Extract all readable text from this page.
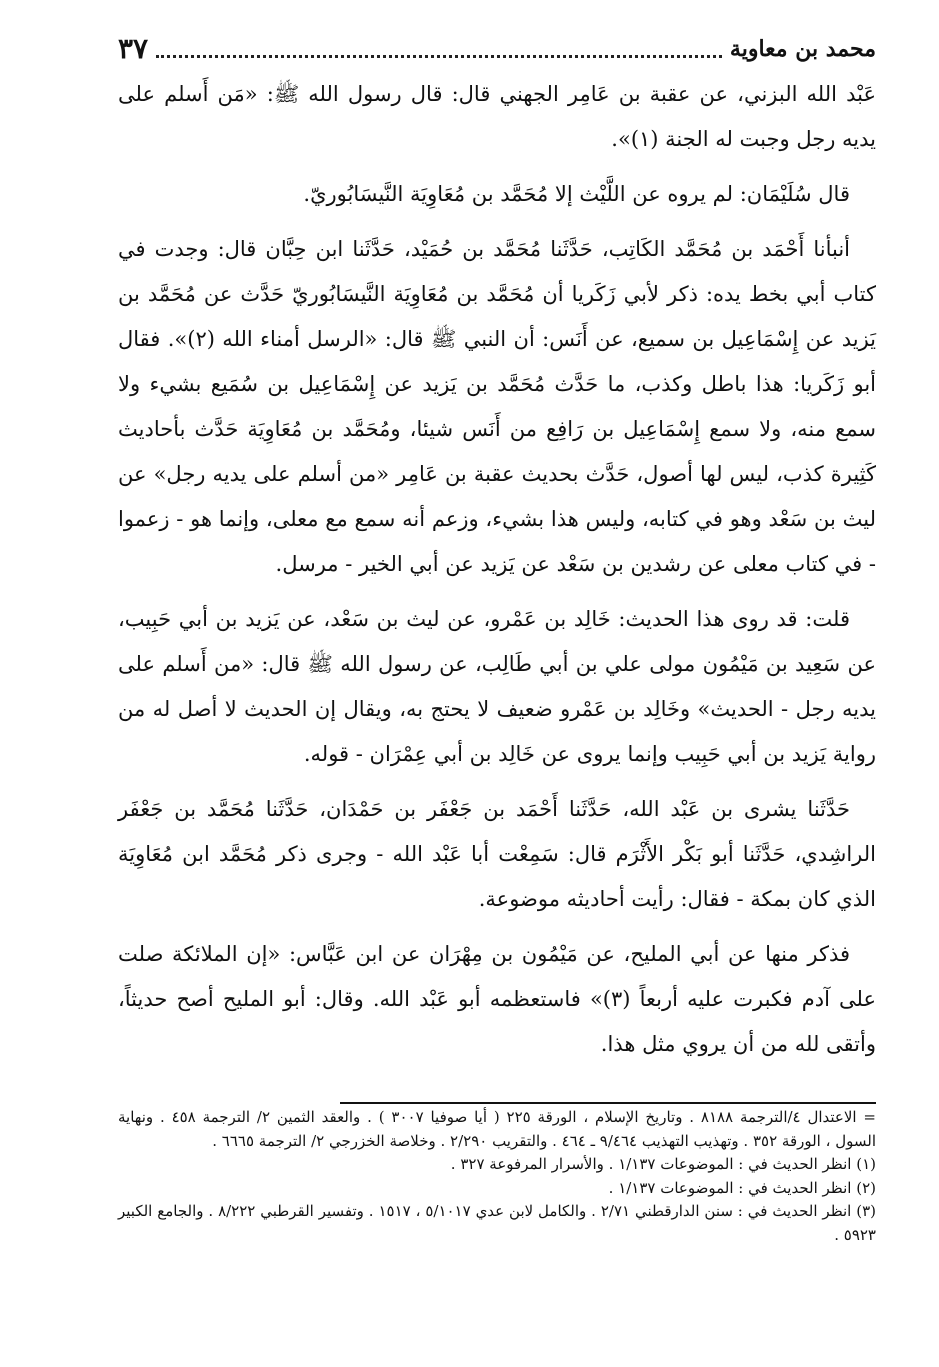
٣٧	محمد بن معاوية

عَبْد الله البزني، عن عقبة بن عَامِر الجهني قال: قال رسول الله ﷺ: «مَن أَسلم على يديه رجل وجبت له الجنة (١)».

قال سُلَيْمَان: لم يروه عن اللَّيْث إلا مُحَمَّد بن مُعَاوِيَة النَّيسَابُوريّ.

أنبأنا أَحْمَد بن مُحَمَّد الكَاتِب، حَدَّثَنا مُحَمَّد بن حُمَيْد، حَدَّثَنا ابن حِبَّان قال: وجدت في كتاب أبي بخط يده: ذكر لأبي زَكَريا أن مُحَمَّد بن مُعَاوِيَة النَّيسَابُوريّ حَدَّث عن مُحَمَّد بن يَزيد عن إِسْمَاعِيل بن سميع، عن أَنَس: أن النبي ﷺ قال: «الرسل أمناء الله (٢)». فقال أبو زَكَريا: هذا باطل وكذب، ما حَدَّث مُحَمَّد بن يَزيد عن إِسْمَاعِيل بن سُمَيع بشيء ولا سمع منه، ولا سمع إِسْمَاعِيل بن رَافِع من أَنَس شيئا، ومُحَمَّد بن مُعَاوِيَة حَدَّث بأحاديث كَثِيرة كذب، ليس لها أصول، حَدَّث بحديث عقبة بن عَامِر «من أسلم على يديه رجل» عن ليث بن سَعْد وهو في كتابه، وليس هذا بشيء، وزعم أنه سمع مع معلى، وإنما هو - زعموا - في كتاب معلى عن رشدين بن سَعْد عن يَزيد عن أبي الخير - مرسل.

قلت: قد روى هذا الحديث: خَالِد بن عَمْرو، عن ليث بن سَعْد، عن يَزيد بن أبي حَبِيب، عن سَعِيد بن مَيْمُون مولى علي بن أبي طَالِب، عن رسول الله ﷺ قال: «من أَسلم على يديه رجل - الحديث» وخَالِد بن عَمْرو ضعيف لا يحتج به، ويقال إن الحديث لا أصل له من رواية يَزيد بن أبي حَبِيب وإنما يروى عن خَالِد بن أبي عِمْرَان - قوله.

حَدَّثَنا يشرى بن عَبْد الله، حَدَّثَنا أَحْمَد بن جَعْفَر بن حَمْدَان، حَدَّثَنا مُحَمَّد بن جَعْفَر الراشِدي، حَدَّثَنا أبو بَكْر الأَثْرَم قال: سَمِعْت أبا عَبْد الله - وجرى ذكر مُحَمَّد ابن مُعَاوِيَة الذي كان بمكة - فقال: رأيت أحاديثه موضوعة.

فذكر منها عن أبي المليح، عن مَيْمُون بن مِهْرَان عن ابن عَبَّاس: «إن الملائكة صلت على آدم فكبرت عليه أربعاً (٣)» فاستعظمه أبو عَبْد الله. وقال: أبو المليح أصح حديثاً، وأتقى لله من أن يروي مثل هذا.

= الاعتدال ٤/الترجمة ٨١٨٨ . وتاريخ الإسلام ، الورقة ٢٢٥ ( أيا صوفيا ٣٠٠٧ ) . والعقد الثمين ٢/ الترجمة ٤٥٨ . ونهاية السول ، الورقة ٣٥٢ . وتهذيب التهذيب ٩/٤٦٤ ـ ٤٦٤ . والتقريب ٢/٢٩٠ . وخلاصة الخزرجي ٢/ الترجمة ٦٦٦٥ .

(١) انظر الحديث في : الموضوعات ١/١٣٧ . والأسرار المرفوعة ٣٢٧ .

(٢) انظر الحديث في : الموضوعات ١/١٣٧ .

(٣) انظر الحديث في : سنن الدارقطني ٢/٧١ . والكامل لابن عدي ٥/١٠١٧ ، ١٥١٧ . وتفسير القرطبي ٨/٢٢٢ . والجامع الكبير ٥٩٢٣ .
